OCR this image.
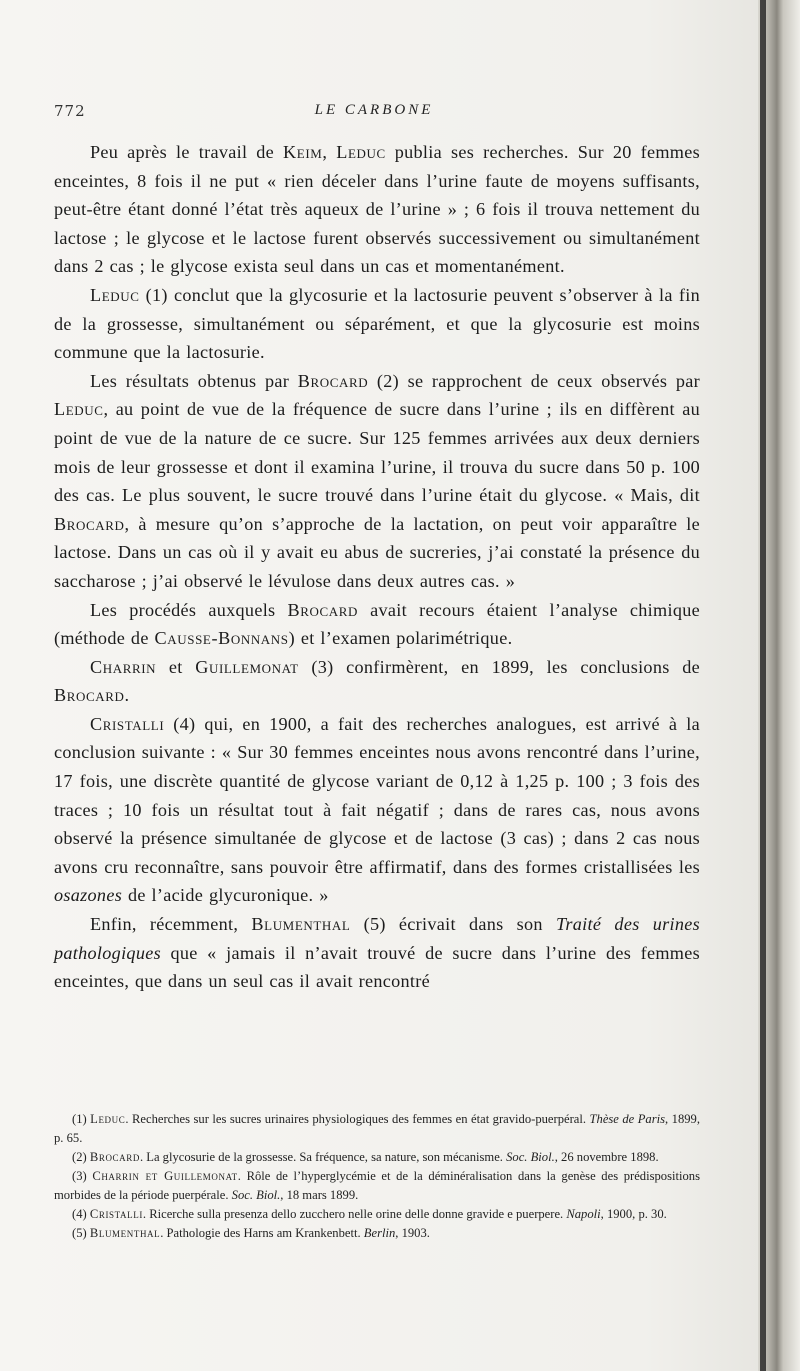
772	LE CARBONE

Peu après le travail de Keim, Leduc publia ses recherches. Sur 20 femmes enceintes, 8 fois il ne put « rien déceler dans l’urine faute de moyens suffisants, peut-être étant donné l’état très aqueux de l’urine » ; 6 fois il trouva nettement du lactose ; le glycose et le lactose furent observés successivement ou simultanément dans 2 cas ; le glycose exista seul dans un cas et momentanément.

Leduc (1) conclut que la glycosurie et la lactosurie peuvent s’observer à la fin de la grossesse, simultanément ou séparément, et que la glycosurie est moins commune que la lactosurie.

Les résultats obtenus par Brocard (2) se rapprochent de ceux observés par Leduc, au point de vue de la fréquence de sucre dans l’urine ; ils en diffèrent au point de vue de la nature de ce sucre. Sur 125 femmes arrivées aux deux derniers mois de leur grossesse et dont il examina l’urine, il trouva du sucre dans 50 p. 100 des cas. Le plus souvent, le sucre trouvé dans l’urine était du glycose. « Mais, dit Brocard, à mesure qu’on s’approche de la lactation, on peut voir apparaître le lactose. Dans un cas où il y avait eu abus de sucreries, j’ai constaté la présence du saccharose ; j’ai observé le lévulose dans deux autres cas. »

Les procédés auxquels Brocard avait recours étaient l’analyse chimique (méthode de Causse-Bonnans) et l’examen polarimétrique.

Charrin et Guillemonat (3) confirmèrent, en 1899, les conclusions de Brocard.

Cristalli (4) qui, en 1900, a fait des recherches analogues, est arrivé à la conclusion suivante : « Sur 30 femmes enceintes nous avons rencontré dans l’urine, 17 fois, une discrète quantité de glycose variant de 0,12 à 1,25 p. 100 ; 3 fois des traces ; 10 fois un résultat tout à fait négatif ; dans de rares cas, nous avons observé la présence simultanée de glycose et de lactose (3 cas) ; dans 2 cas nous avons cru reconnaître, sans pouvoir être affirmatif, dans des formes cristallisées les osazones de l’acide glycuronique. »

Enfin, récemment, Blumenthal (5) écrivait dans son Traité des urines pathologiques que « jamais il n’avait trouvé de sucre dans l’urine des femmes enceintes, que dans un seul cas il avait rencontré

(1) Leduc. Recherches sur les sucres urinaires physiologiques des femmes en état gravido-puerpéral. Thèse de Paris, 1899, p. 65.

(2) Brocard. La glycosurie de la grossesse. Sa fréquence, sa nature, son mécanisme. Soc. Biol., 26 novembre 1898.

(3) Charrin et Guillemonat. Rôle de l’hyperglycémie et de la déminéralisation dans la genèse des prédispositions morbides de la période puerpérale. Soc. Biol., 18 mars 1899.

(4) Cristalli. Ricerche sulla presenza dello zucchero nelle orine delle donne gravide e puerpere. Napoli, 1900, p. 30.

(5) Blumenthal. Pathologie des Harns am Krankenbett. Berlin, 1903.
